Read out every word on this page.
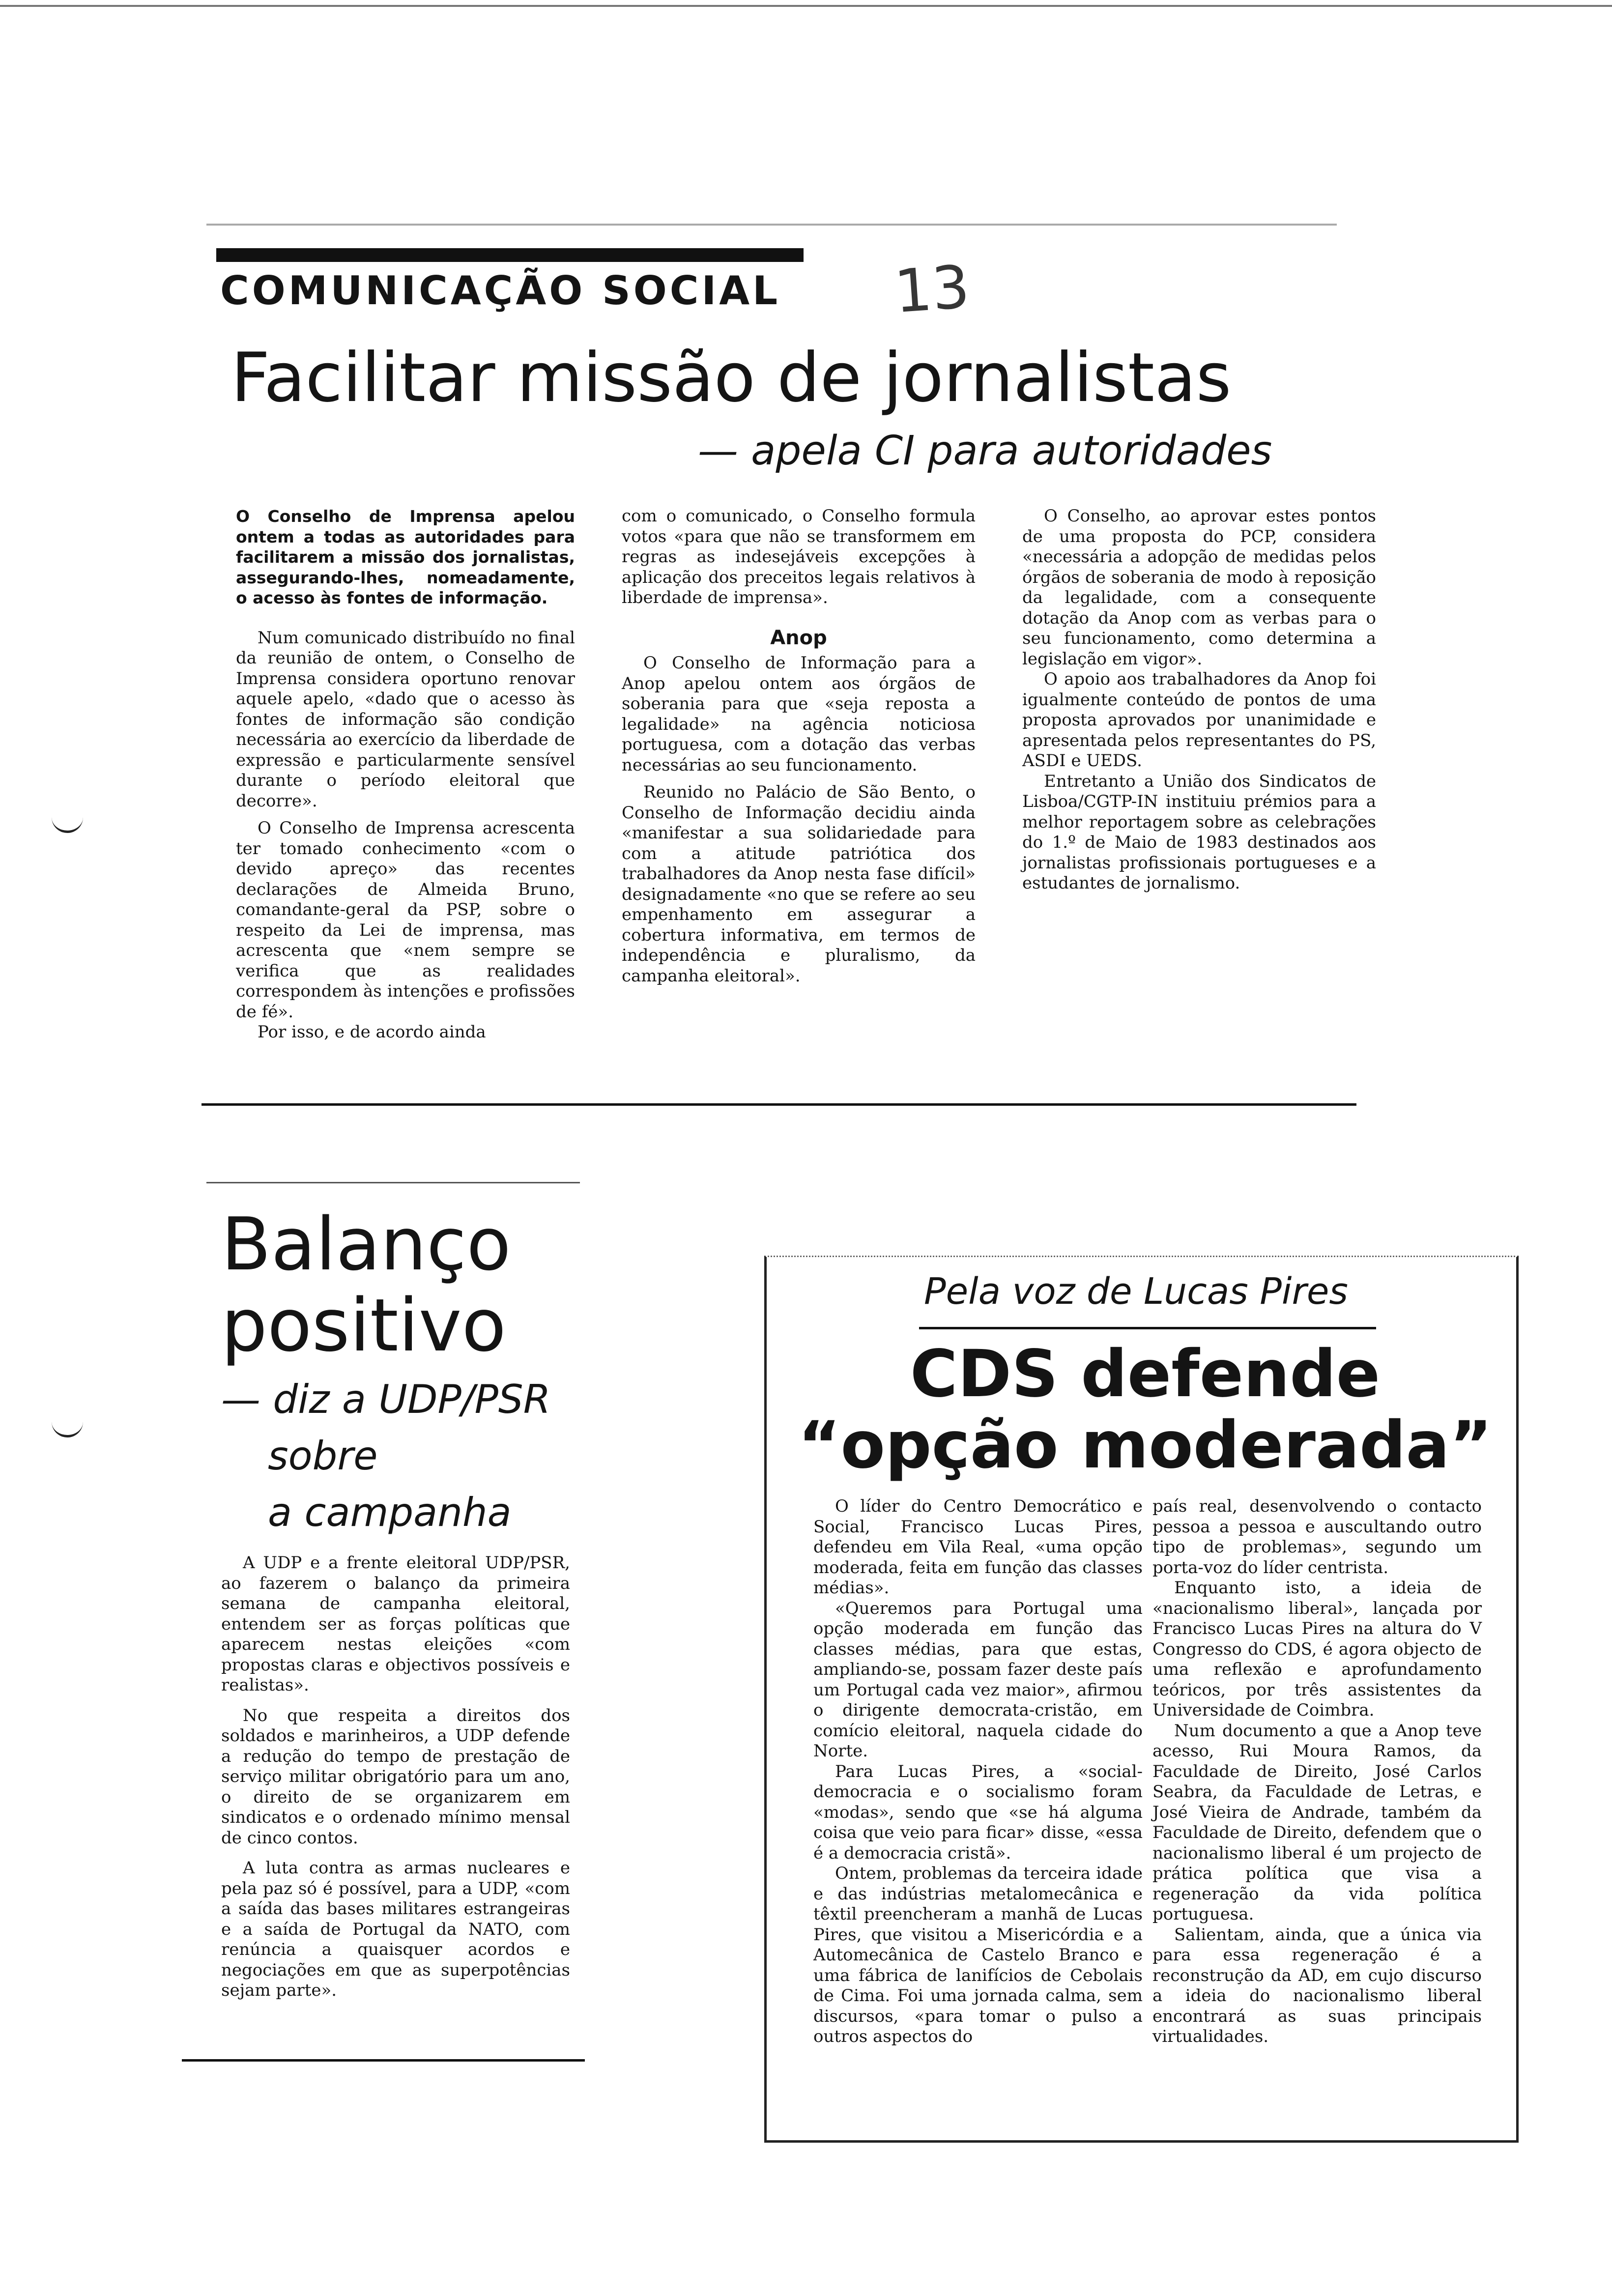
COMUNICAÇÃO SOCIAL 13
Facilitar missão de jornalistas
— apela CI para autoridades

O Conselho de Imprensa apelou ontem a todas as autoridades para facilitarem a missão dos jornalistas, assegurando-lhes, nomeadamente, o acesso às fontes de informação.

Num comunicado distribuído no final da reunião de ontem, o Conselho de Imprensa considera oportuno renovar aquele apelo, «dado que o acesso às fontes de informação são condição necessária ao exercício da liberdade de expressão e particularmente sensível durante o período eleitoral que decorre».

O Conselho de Imprensa acrescenta ter tomado conhecimento «com o devido apreço» das recentes declarações de Almeida Bruno, comandante-geral da PSP, sobre o respeito da Lei de imprensa, mas acrescenta que «nem sempre se verifica que as realidades correspondem às intenções e profissões de fé».

Por isso, e de acordo ainda

com o comunicado, o Conselho formula votos «para que não se transformem em regras as indesejáveis excepções à aplicação dos preceitos legais relativos à liberdade de imprensa».

Anop

O Conselho de Informação para a Anop apelou ontem aos órgãos de soberania para que «seja reposta a legalidade» na agência noticiosa portuguesa, com a dotação das verbas necessárias ao seu funcionamento.

Reunido no Palácio de São Bento, o Conselho de Informação decidiu ainda «manifestar a sua solidariedade para com a atitude patriótica dos trabalhadores da Anop nesta fase difícil» designadamente «no que se refere ao seu empenhamento em assegurar a cobertura informativa, em termos de independência e pluralismo, da campanha eleitoral».

O Conselho, ao aprovar estes pontos de uma proposta do PCP, considera «necessária a adopção de medidas pelos órgãos de soberania de modo à reposição da legalidade, com a consequente dotação da Anop com as verbas para o seu funcionamento, como determina a legislação em vigor».

O apoio aos trabalhadores da Anop foi igualmente conteúdo de pontos de uma proposta aprovados por unanimidade e apresentada pelos representantes do PS, ASDI e UEDS.

Entretanto a União dos Sindicatos de Lisboa/CGTP-IN instituiu prémios para a melhor reportagem sobre as celebrações do 1.º de Maio de 1983 destinados aos jornalistas profissionais portugueses e a estudantes de jornalismo.

Balanço
positivo
— diz a UDP/PSR
sobre
a campanha

A UDP e a frente eleitoral UDP/PSR, ao fazerem o balanço da primeira semana de campanha eleitoral, entendem ser as forças políticas que aparecem nestas eleições «com propostas claras e objectivos possíveis e realistas».

No que respeita a direitos dos soldados e marinheiros, a UDP defende a redução do tempo de prestação de serviço militar obrigatório para um ano, o direito de se organizarem em sindicatos e o ordenado mínimo mensal de cinco contos.

A luta contra as armas nucleares e pela paz só é possível, para a UDP, «com a saída das bases militares estrangeiras e a saída de Portugal da NATO, com renúncia a quaisquer acordos e negociações em que as superpotências sejam parte».

Pela voz de Lucas Pires
CDS defende
“opção moderada”

O líder do Centro Democrático e Social, Francisco Lucas Pires, defendeu em Vila Real, «uma opção moderada, feita em função das classes médias».

«Queremos para Portugal uma opção moderada em função das classes médias, para que estas, ampliando-se, possam fazer deste país um Portugal cada vez maior», afirmou o dirigente democrata-cristão, em comício eleitoral, naquela cidade do Norte.

Para Lucas Pires, a «social-democracia e o socialismo foram «modas», sendo que «se há alguma coisa que veio para ficar» disse, «essa é a democracia cristã».

Ontem, problemas da terceira idade e das indústrias metalomecânica e têxtil preencheram a manhã de Lucas Pires, que visitou a Misericórdia e a Automecânica de Castelo Branco e uma fábrica de lanifícios de Cebolais de Cima. Foi uma jornada calma, sem discursos, «para tomar o pulso a outros aspectos do

país real, desenvolvendo o contacto pessoa a pessoa e auscultando outro tipo de problemas», segundo um porta-voz do líder centrista.

Enquanto isto, a ideia de «nacionalismo liberal», lançada por Francisco Lucas Pires na altura do V Congresso do CDS, é agora objecto de uma reflexão e aprofundamento teóricos, por três assistentes da Universidade de Coimbra.

Num documento a que a Anop teve acesso, Rui Moura Ramos, da Faculdade de Direito, José Carlos Seabra, da Faculdade de Letras, e José Vieira de Andrade, também da Faculdade de Direito, defendem que o nacionalismo liberal é um projecto de prática política que visa a regeneração da vida política portuguesa.

Salientam, ainda, que a única via para essa regeneração é a reconstrução da AD, em cujo discurso a ideia do nacionalismo liberal encontrará as suas principais virtualidades.
